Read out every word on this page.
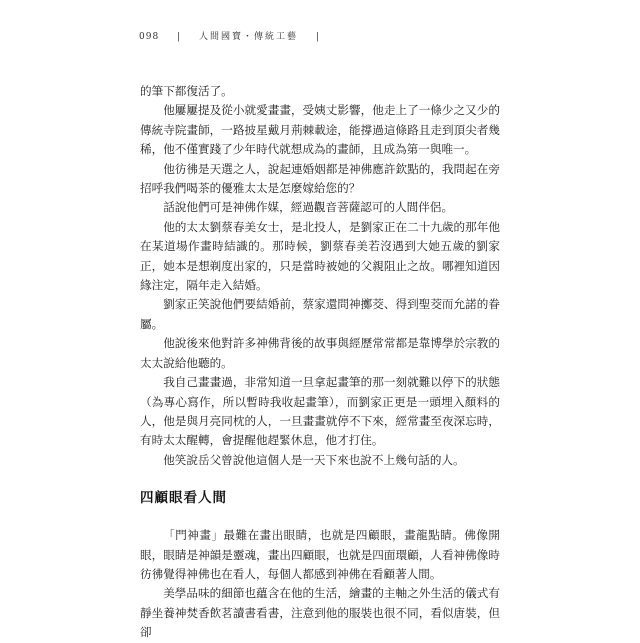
098 | 人間國寶・傳統工藝 |

的筆下都復活了。

他屢屢提及從小就愛畫畫，受姨丈影響，他走上了一條少之又少的傳統寺院畫師，一路披星戴月荊棘載途，能撐過這條路且走到頂尖者幾稀，他不僅實踐了少年時代就想成為的畫師，且成為第一與唯一。

他彷彿是天選之人，說起連婚姻都是神佛應許欽點的，我問起在旁招呼我們喝茶的優雅太太是怎麼嫁給您的？

話說他們可是神佛作媒，經過觀音菩薩認可的人間伴侶。

他的太太劉蔡春美女士，是北投人，是劉家正在二十九歲的那年他在某道場作畫時結識的。那時候，劉蔡春美若沒遇到大她五歲的劉家正，她本是想剃度出家的，只是當時被她的父親阻止之故。哪裡知道因緣注定，隔年走入結婚。

劉家正笑說他們要結婚前，蔡家還問神擲茭、得到聖茭而允諾的眷屬。

他說後來他對許多神佛背後的故事與經歷常常都是靠博學於宗教的太太說給他聽的。

我自己畫畫過，非常知道一旦拿起畫筆的那一刻就難以停下的狀態（為專心寫作，所以暫時我收起畫筆），而劉家正更是一頭埋入顏料的人，他是與月亮同枕的人，一旦畫畫就停不下來，經常畫至夜深忘時，有時太太醒轉，會提醒他趕緊休息，他才打住。

他笑說岳父曾說他這個人是一天下來也說不上幾句話的人。

四顧眼看人間

「門神畫」最難在畫出眼睛，也就是四顧眼，畫龍點睛。佛像開眼，眼睛是神韻是靈魂，畫出四顧眼，也就是四面環顧，人看神佛像時彷彿覺得神佛也在看人，每個人都感到神佛在看顧著人間。

美學品味的細節也蘊含在他的生活，繪畫的主軸之外生活的儀式有靜坐養神焚香飲茗讀書看書，注意到他的服裝也很不同，看似唐裝，但卻
